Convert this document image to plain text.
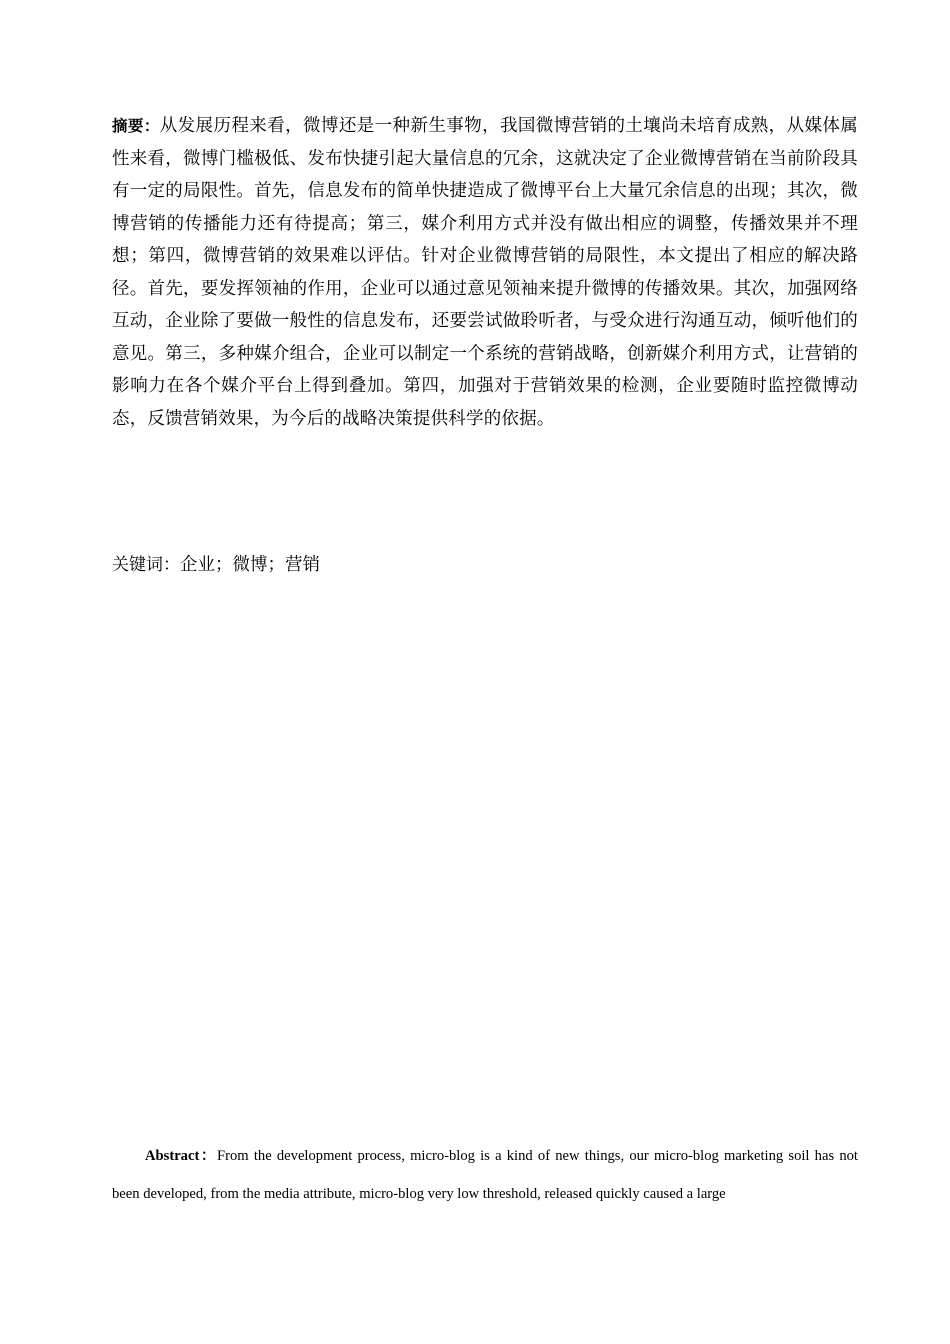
摘要：从发展历程来看，微博还是一种新生事物，我国微博营销的土壤尚未培育成熟，从媒体属性来看，微博门槛极低、发布快捷引起大量信息的冗余，这就决定了企业微博营销在当前阶段具有一定的局限性。首先，信息发布的简单快捷造成了微博平台上大量冗余信息的出现；其次，微博营销的传播能力还有待提高；第三，媒介利用方式并没有做出相应的调整，传播效果并不理想；第四，微博营销的效果难以评估。针对企业微博营销的局限性，本文提出了相应的解决路径。首先，要发挥领袖的作用，企业可以通过意见领袖来提升微博的传播效果。其次，加强网络互动，企业除了要做一般性的信息发布，还要尝试做聆听者，与受众进行沟通互动，倾听他们的意见。第三，多种媒介组合，企业可以制定一个系统的营销战略，创新媒介利用方式，让营销的影响力在各个媒介平台上得到叠加。第四，加强对于营销效果的检测，企业要随时监控微博动态，反馈营销效果，为今后的战略决策提供科学的依据。

关键词：企业；微博；营销

Abstract：From the development process, micro-blog is a kind of new things, our micro-blog marketing soil has not been developed, from the media attribute, micro-blog very low threshold, released quickly caused a large
